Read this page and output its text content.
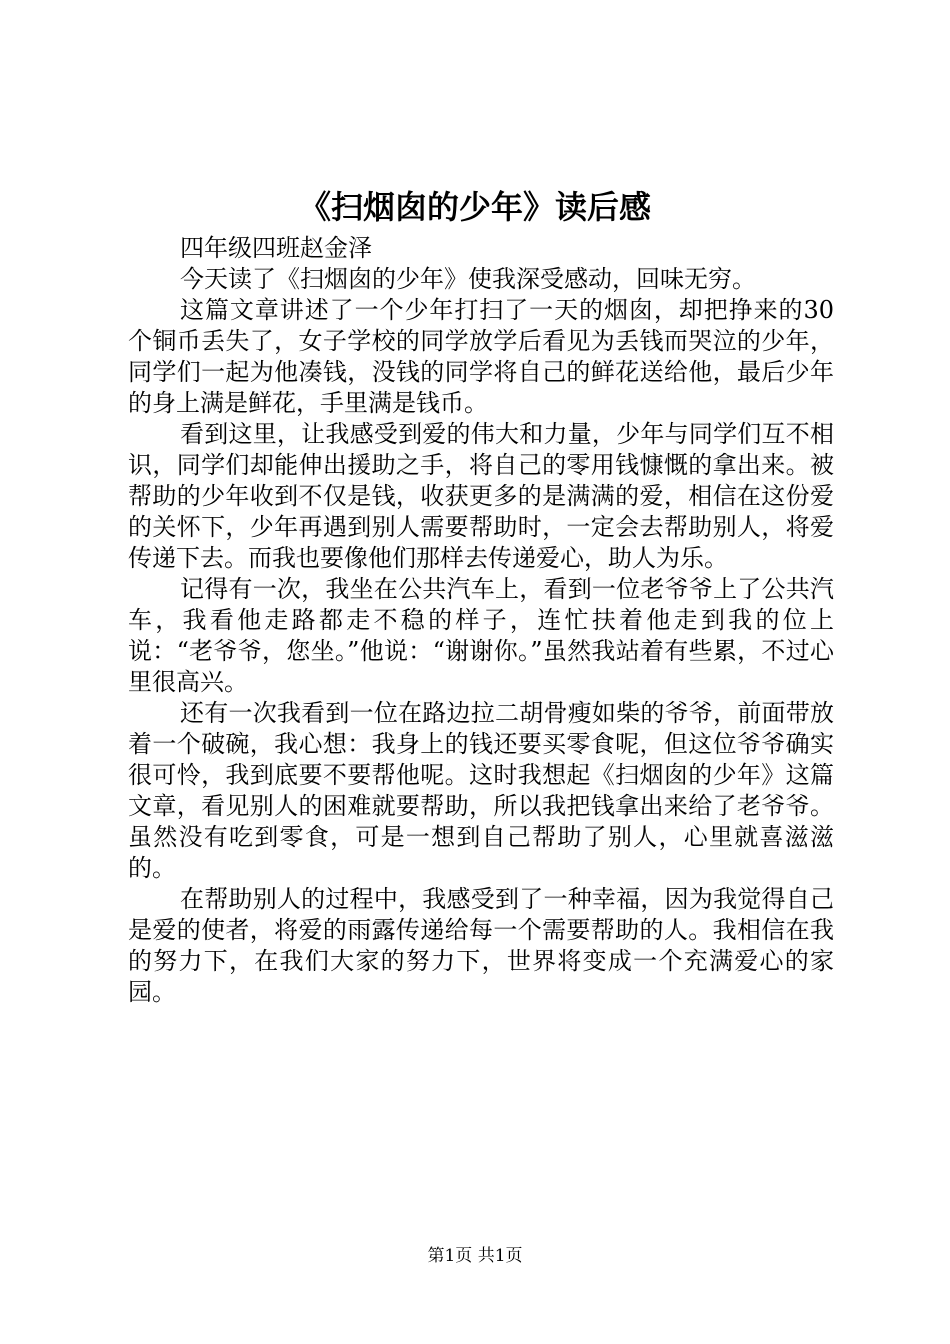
《扫烟囱的少年》读后感

四年级四班赵金泽

今天读了《扫烟囱的少年》使我深受感动，回味无穷。

这篇文章讲述了一个少年打扫了一天的烟囱，却把挣来的30个铜币丢失了，女子学校的同学放学后看见为丢钱而哭泣的少年，同学们一起为他凑钱，没钱的同学将自己的鲜花送给他，最后少年的身上满是鲜花，手里满是钱币。

看到这里，让我感受到爱的伟大和力量，少年与同学们互不相识，同学们却能伸出援助之手，将自己的零用钱慷慨的拿出来。被帮助的少年收到不仅是钱，收获更多的是满满的爱，相信在这份爱的关怀下，少年再遇到别人需要帮助时，一定会去帮助别人，将爱传递下去。而我也要像他们那样去传递爱心，助人为乐。

记得有一次，我坐在公共汽车上，看到一位老爷爷上了公共汽车，我看他走路都走不稳的样子，连忙扶着他走到我的位上说：“老爷爷，您坐。”他说：“谢谢你。”虽然我站着有些累，不过心里很高兴。

还有一次我看到一位在路边拉二胡骨瘦如柴的爷爷，前面带放着一个破碗，我心想：我身上的钱还要买零食呢，但这位爷爷确实很可怜，我到底要不要帮他呢。这时我想起《扫烟囱的少年》这篇文章，看见别人的困难就要帮助，所以我把钱拿出来给了老爷爷。虽然没有吃到零食，可是一想到自己帮助了别人，心里就喜滋滋的。

在帮助别人的过程中，我感受到了一种幸福，因为我觉得自己是爱的使者，将爱的雨露传递给每一个需要帮助的人。我相信在我的努力下，在我们大家的努力下，世界将变成一个充满爱心的家园。

第1页 共1页
